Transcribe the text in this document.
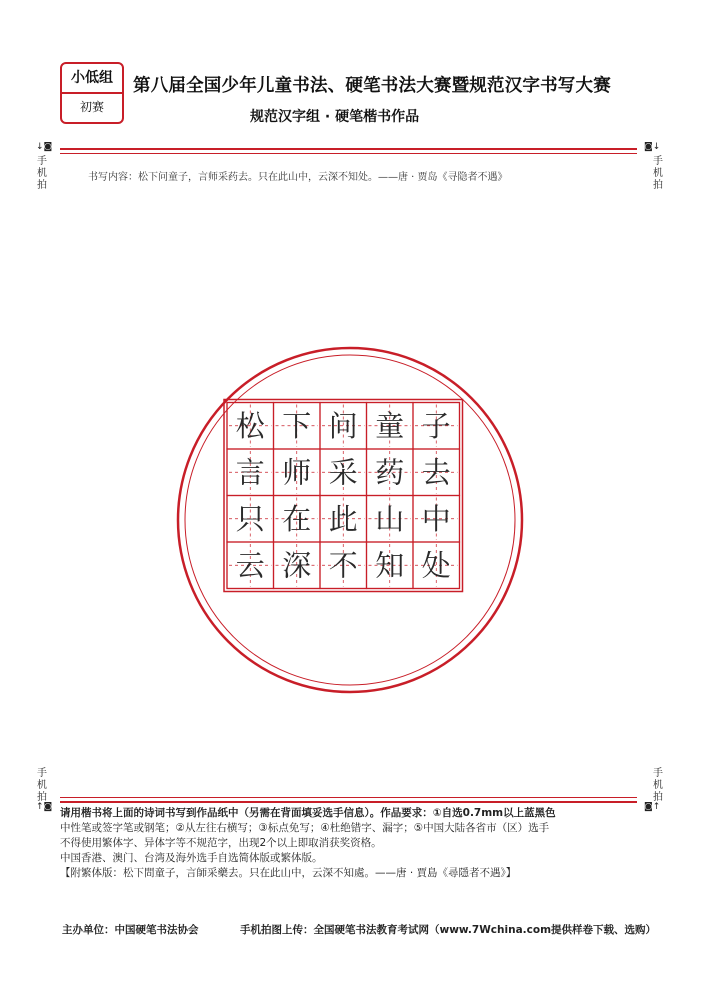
小低组
初赛
第八届全国少年儿童书法、硬笔书法大赛暨规范汉字书写大赛
规范汉字组 · 硬笔楷书作品
↓◙
手
机
拍
◙↓
手
机
拍
书写内容：松下问童子，言师采药去。只在此山中，云深不知处。——唐 · 贾岛《寻隐者不遇》
松 下 问 童 子
言 师 采 药 去
只 在 此 山 中
云 深 不 知 处
手
机
拍
↑◙
手
机
拍
◙↑

请用楷书将上面的诗词书写到作品纸中（另需在背面填妥选手信息）。作品要求：①自选0.7mm以上蓝黑色

中性笔或签字笔或钢笔；②从左往右横写；③标点免写；④杜绝错字、漏字；⑤中国大陆各省市（区）选手

不得使用繁体字、异体字等不规范字，出现2个以上即取消获奖资格。

中国香港、澳门、台湾及海外选手自选简体版或繁体版。

【附繁体版：松下問童子，言師采藥去。只在此山中，云深不知處。——唐 · 賈島《尋隱者不遇》】

主办单位：中国硬笔书法协会	手机拍图上传：全国硬笔书法教育考试网（www.7Wchina.com提供样卷下载、选购）
